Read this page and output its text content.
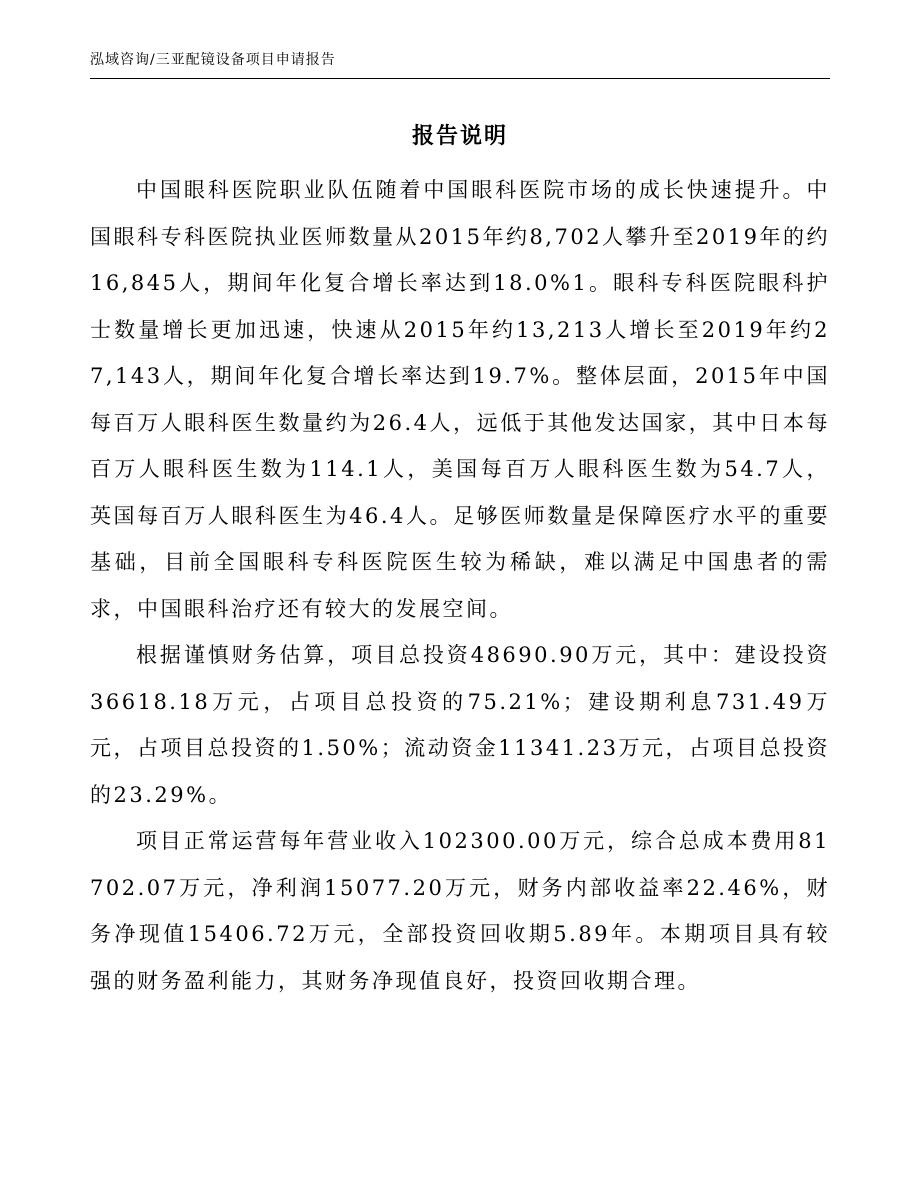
泓域咨询/三亚配镜设备项目申请报告
报告说明

中国眼科医院职业队伍随着中国眼科医院市场的成长快速提升。中国眼科专科医院执业医师数量从2015年约8,702人攀升至2019年的约16,845人，期间年化复合增长率达到18.0%1。眼科专科医院眼科护士数量增长更加迅速，快速从2015年约13,213人增长至2019年约27,143人，期间年化复合增长率达到19.7%。整体层面，2015年中国每百万人眼科医生数量约为26.4人，远低于其他发达国家，其中日本每百万人眼科医生数为114.1人，美国每百万人眼科医生数为54.7人，英国每百万人眼科医生为46.4人。足够医师数量是保障医疗水平的重要基础，目前全国眼科专科医院医生较为稀缺，难以满足中国患者的需求，中国眼科治疗还有较大的发展空间。

根据谨慎财务估算，项目总投资48690.90万元，其中：建设投资36618.18万元，占项目总投资的75.21%；建设期利息731.49万元，占项目总投资的1.50%；流动资金11341.23万元，占项目总投资的23.29%。

项目正常运营每年营业收入102300.00万元，综合总成本费用81702.07万元，净利润15077.20万元，财务内部收益率22.46%，财务净现值15406.72万元，全部投资回收期5.89年。本期项目具有较强的财务盈利能力，其财务净现值良好，投资回收期合理。
